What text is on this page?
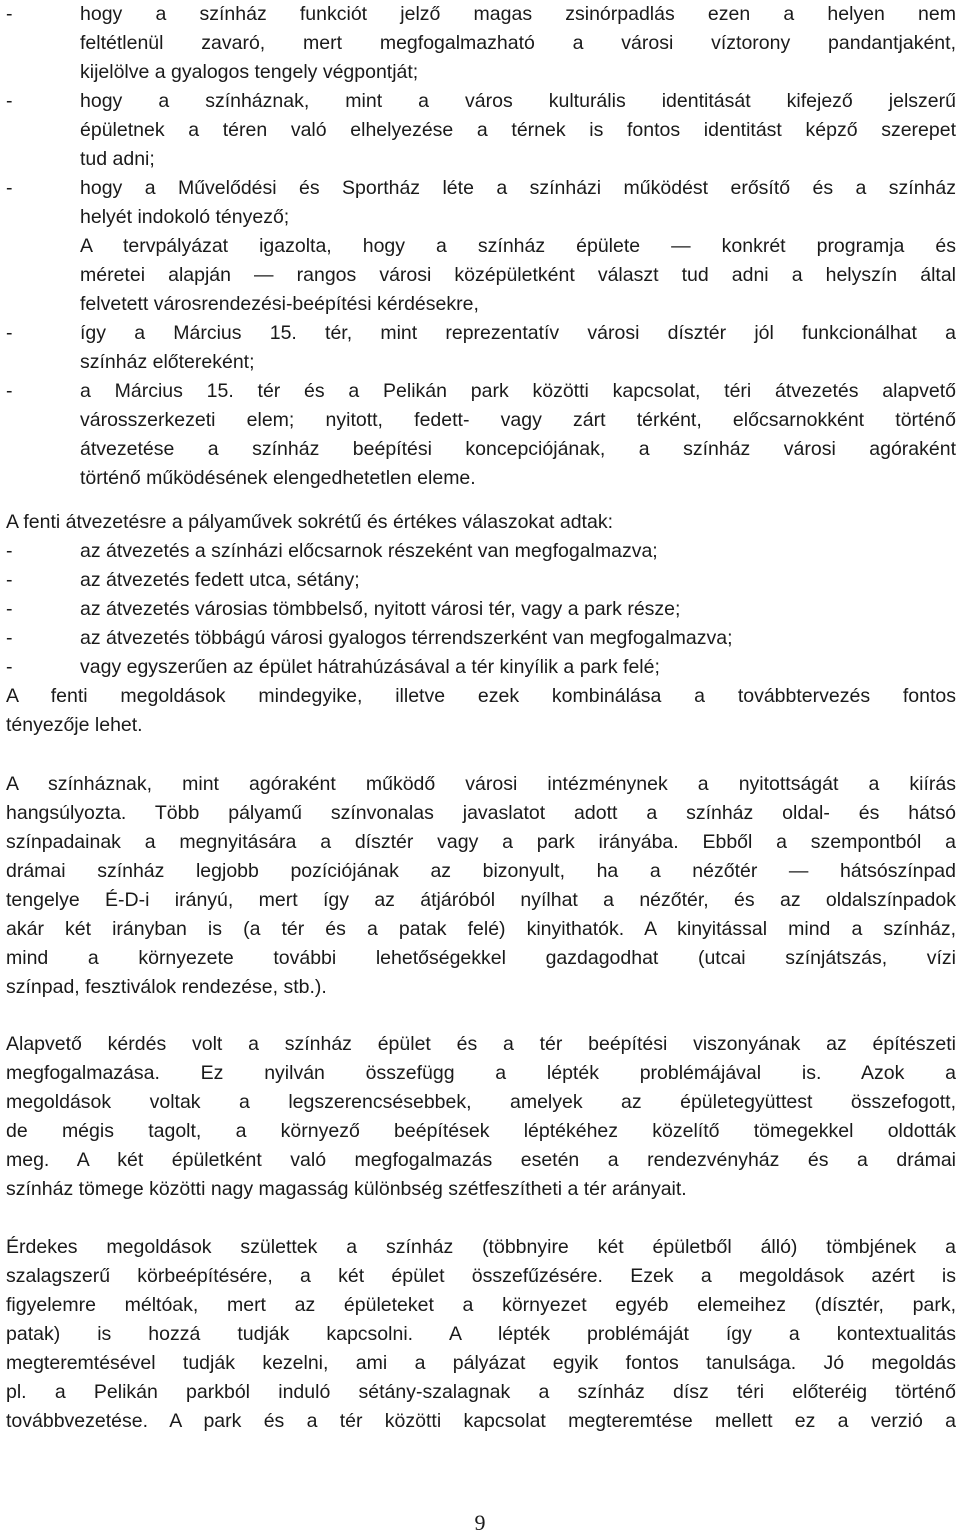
-	hogy a színház funkciót jelző magas zsinórpadlás ezen a helyen nem
feltétlenül zavaró, mert megfogalmazható a városi víztorony pandantjaként,
kijelölve a gyalogos tengely végpontját;
-	hogy a színháznak, mint a város kulturális identitását kifejező jelszerű
épületnek a téren való elhelyezése a térnek is fontos identitást képző szerepet
tud adni;
-	hogy a Művelődési és Sportház léte a színházi működést erősítő és a színház
helyét indokoló tényező;
A tervpályázat igazolta, hogy a színház épülete — konkrét programja és
méretei alapján — rangos városi középületként választ tud adni a helyszín által
felvetett városrendezési-beépítési kérdésekre,
-	így a Március 15. tér, mint reprezentatív városi dísztér jól funkcionálhat a
színház előtereként;
-	a Március 15. tér és a Pelikán park közötti kapcsolat, téri átvezetés alapvető
városszerkezeti elem; nyitott, fedett- vagy zárt térként, előcsarnokként történő
átvezetése a színház beépítési koncepciójának, a színház városi agóraként
történő működésének elengedhetetlen eleme.
A fenti átvezetésre a pályaművek sokrétű és értékes válaszokat adtak:
-	az átvezetés a színházi előcsarnok részeként van megfogalmazva;
-	az átvezetés fedett utca, sétány;
-	az átvezetés városias tömbbelső, nyitott városi tér, vagy a park része;
-	az átvezetés többágú városi gyalogos térrendszerként van megfogalmazva;
-	vagy egyszerűen az épület hátrahúzásával a tér kinyílik a park felé;
A fenti megoldások mindegyike, illetve ezek kombinálása a továbbtervezés fontos
tényezője lehet.
A színháznak, mint agóraként működő városi intézménynek a nyitottságát a kiírás
hangsúlyozta. Több pályamű színvonalas javaslatot adott a színház oldal- és hátsó
színpadainak a megnyitására a dísztér vagy a park irányába. Ebből a szempontból a
drámai színház legjobb pozíciójának az bizonyult, ha a nézőtér — hátsószínpad
tengelye É-D-i irányú, mert így az átjáróból nyílhat a nézőtér, és az oldalszínpadok
akár két irányban is (a tér és a patak felé) kinyithatók. A kinyitással mind a színház,
mind a környezete további lehetőségekkel gazdagodhat (utcai színjátszás, vízi
színpad, fesztiválok rendezése, stb.).
Alapvető kérdés volt a színház épület és a tér beépítési viszonyának az építészeti
megfogalmazása. Ez nyilván összefügg a lépték problémájával is. Azok a
megoldások voltak a legszerencsésebbek, amelyek az épületegyüttest összefogott,
de mégis tagolt, a környező beépítések léptékéhez közelítő tömegekkel oldották
meg. A két épületként való megfogalmazás esetén a rendezvényház és a drámai
színház tömege közötti nagy magasság különbség szétfeszítheti a tér arányait.
Érdekes megoldások születtek a színház (többnyire két épületből álló) tömbjének a
szalagszerű körbeépítésére, a két épület összefűzésére. Ezek a megoldások azért is
figyelemre méltóak, mert az épületeket a környezet egyéb elemeihez (dísztér, park,
patak) is hozzá tudják kapcsolni. A lépték problémáját így a kontextualitás
megteremtésével tudják kezelni, ami a pályázat egyik fontos tanulsága. Jó megoldás
pl. a Pelikán parkból induló sétány-szalagnak a színház dísz téri előteréig történő
továbbvezetése. A park és a tér közötti kapcsolat megteremtése mellett ez a verzió a
9
